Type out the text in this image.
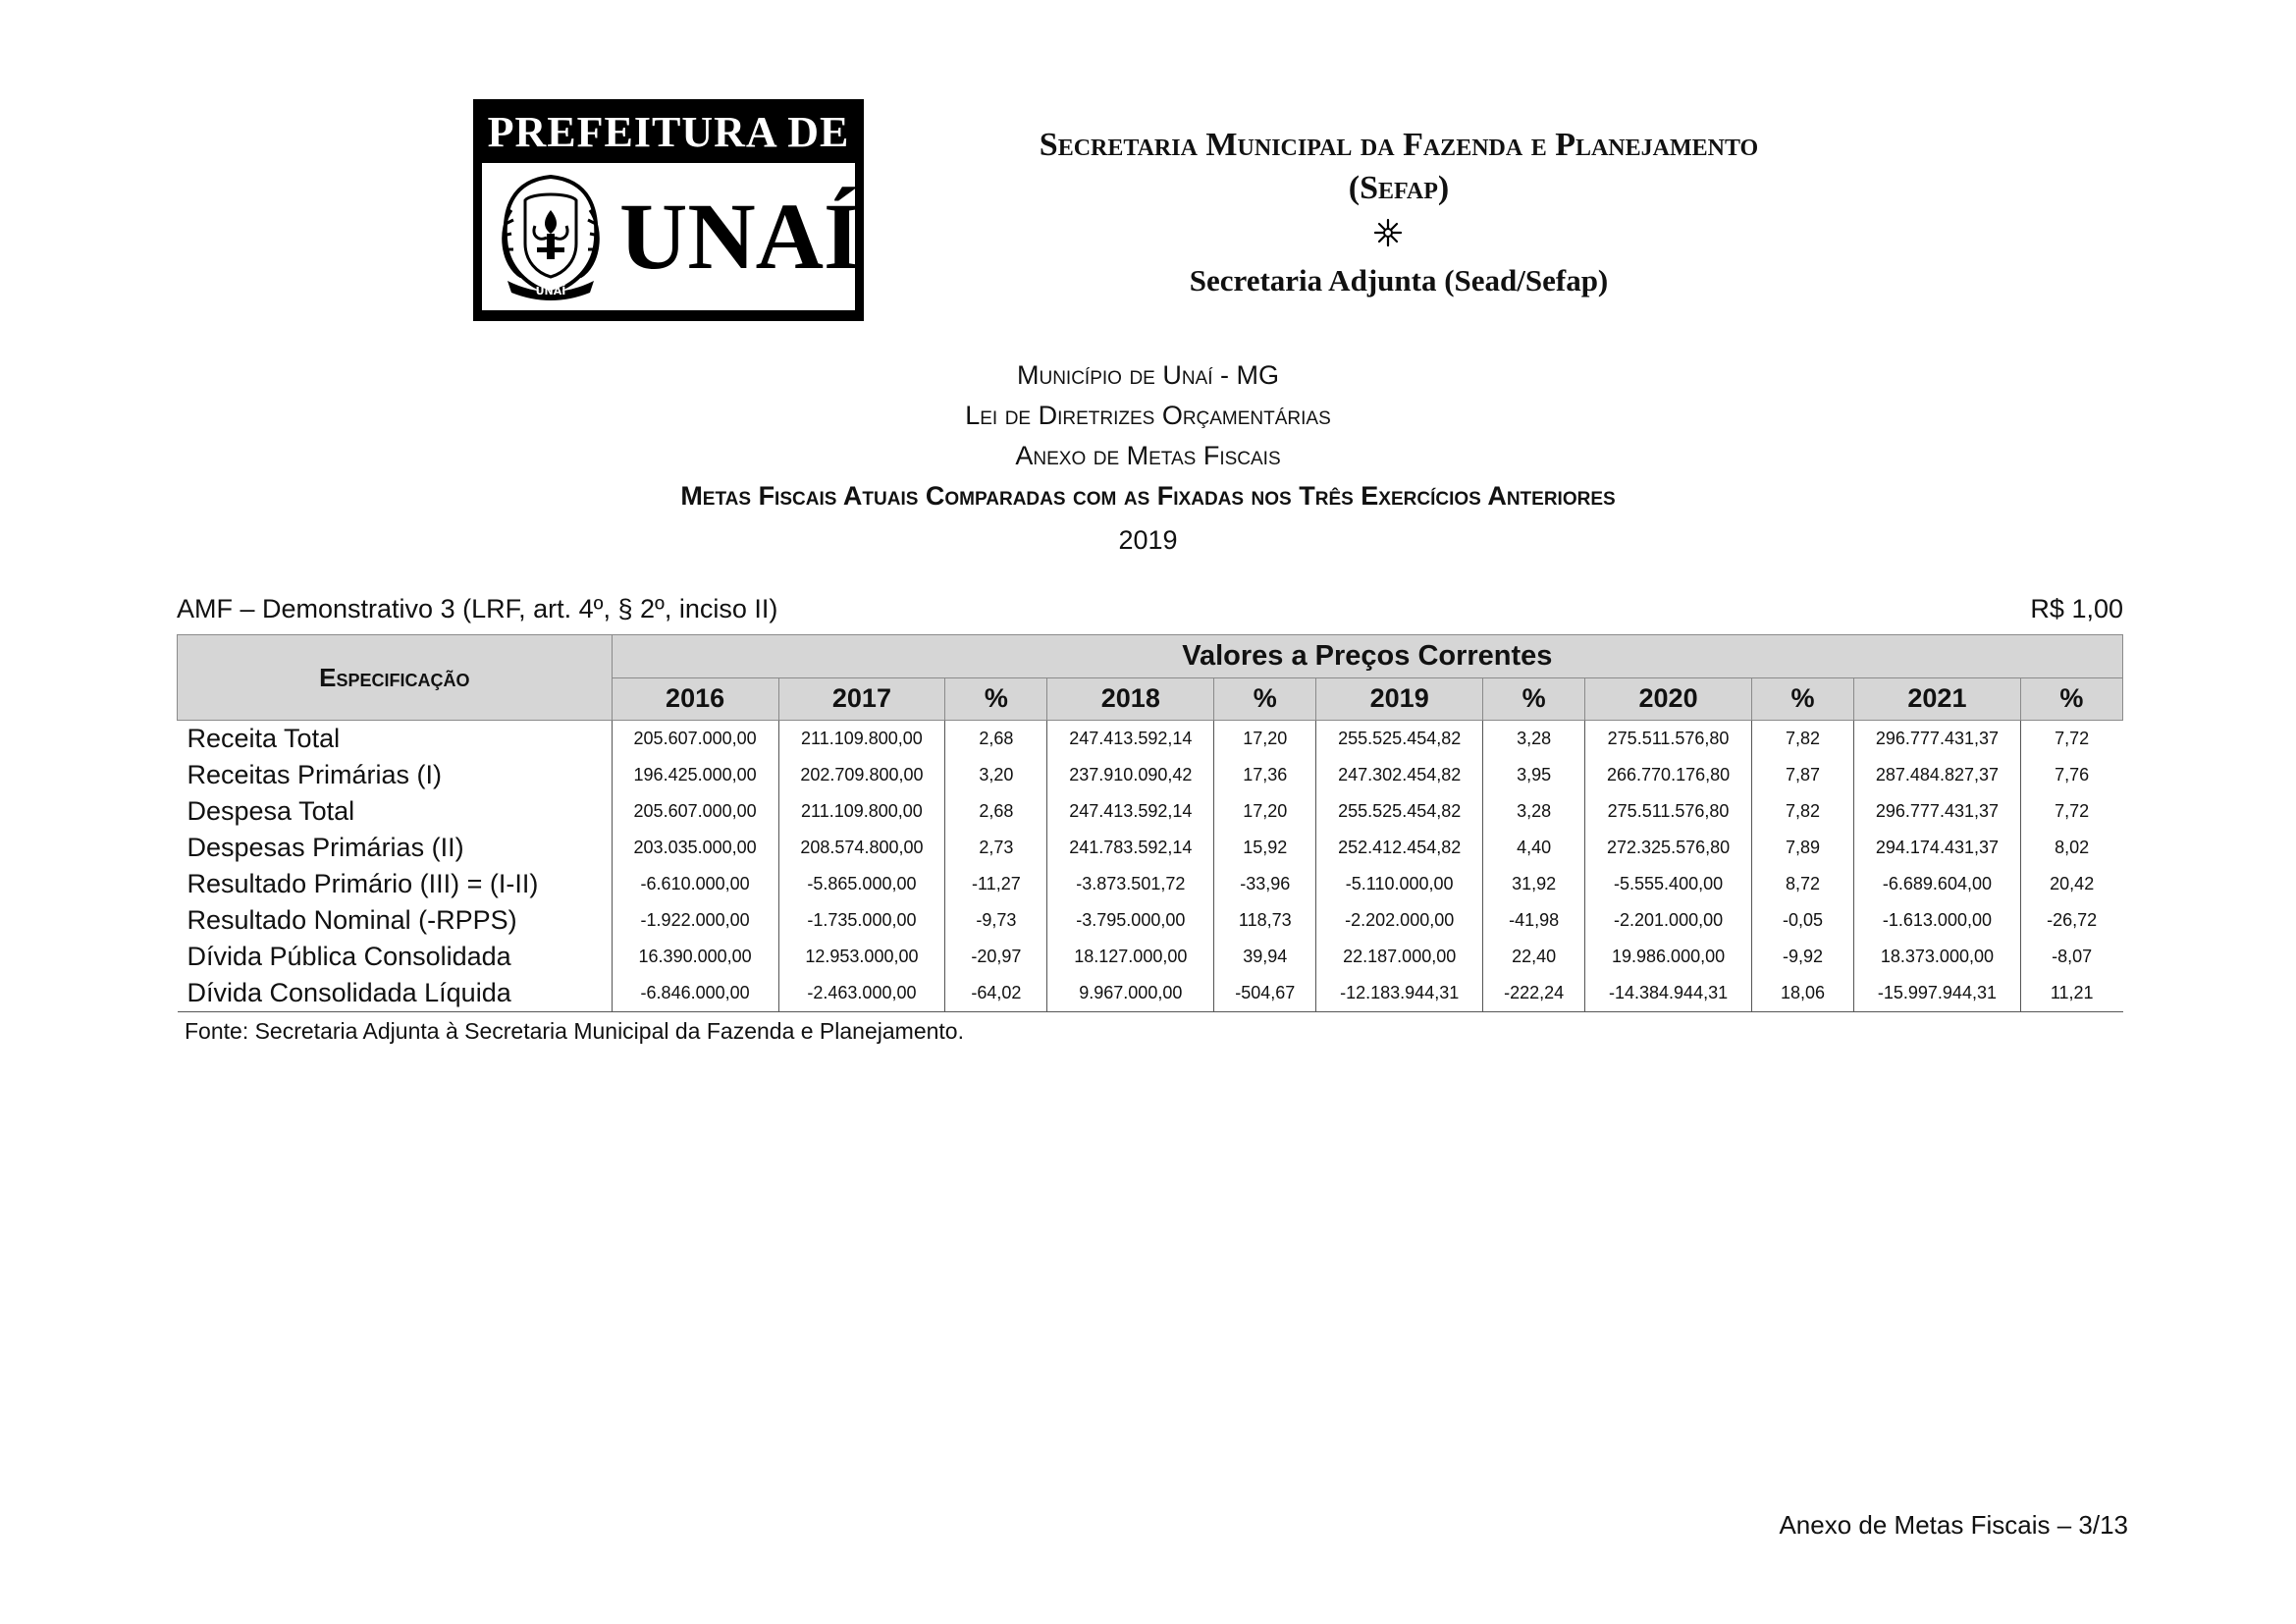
PREFEITURA DE
UNAÍ
UNAÍ
Secretaria Municipal da Fazenda e Planejamento
(Sefap)
Secretaria Adjunta (Sead/Sefap)
Município de Unaí - MG
Lei de Diretrizes Orçamentárias
Anexo de Metas Fiscais
Metas Fiscais Atuais Comparadas com as Fixadas nos Três Exercícios Anteriores
2019
AMF – Demonstrativo 3 (LRF, art. 4º, § 2º, inciso II)	R$ 1,00
Especificação	Valores a Preços Correntes										
	2016	2017	%	2018	%	2019	%	2020	%	2021	%
Receita Total	205.607.000,00	211.109.800,00	2,68	247.413.592,14	17,20	255.525.454,82	3,28	275.511.576,80	7,82	296.777.431,37	7,72
Receitas Primárias (I)	196.425.000,00	202.709.800,00	3,20	237.910.090,42	17,36	247.302.454,82	3,95	266.770.176,80	7,87	287.484.827,37	7,76
Despesa Total	205.607.000,00	211.109.800,00	2,68	247.413.592,14	17,20	255.525.454,82	3,28	275.511.576,80	7,82	296.777.431,37	7,72
Despesas Primárias (II)	203.035.000,00	208.574.800,00	2,73	241.783.592,14	15,92	252.412.454,82	4,40	272.325.576,80	7,89	294.174.431,37	8,02
Resultado Primário (III) = (I-II)	-6.610.000,00	-5.865.000,00	-11,27	-3.873.501,72	-33,96	-5.110.000,00	31,92	-5.555.400,00	8,72	-6.689.604,00	20,42
Resultado Nominal (-RPPS)	-1.922.000,00	-1.735.000,00	-9,73	-3.795.000,00	118,73	-2.202.000,00	-41,98	-2.201.000,00	-0,05	-1.613.000,00	-26,72
Dívida Pública Consolidada	16.390.000,00	12.953.000,00	-20,97	18.127.000,00	39,94	22.187.000,00	22,40	19.986.000,00	-9,92	18.373.000,00	-8,07
Dívida Consolidada Líquida	-6.846.000,00	-2.463.000,00	-64,02	9.967.000,00	-504,67	-12.183.944,31	-222,24	-14.384.944,31	18,06	-15.997.944,31	11,21
Fonte: Secretaria Adjunta à Secretaria Municipal da Fazenda e Planejamento.
Anexo de Metas Fiscais – 3/13
